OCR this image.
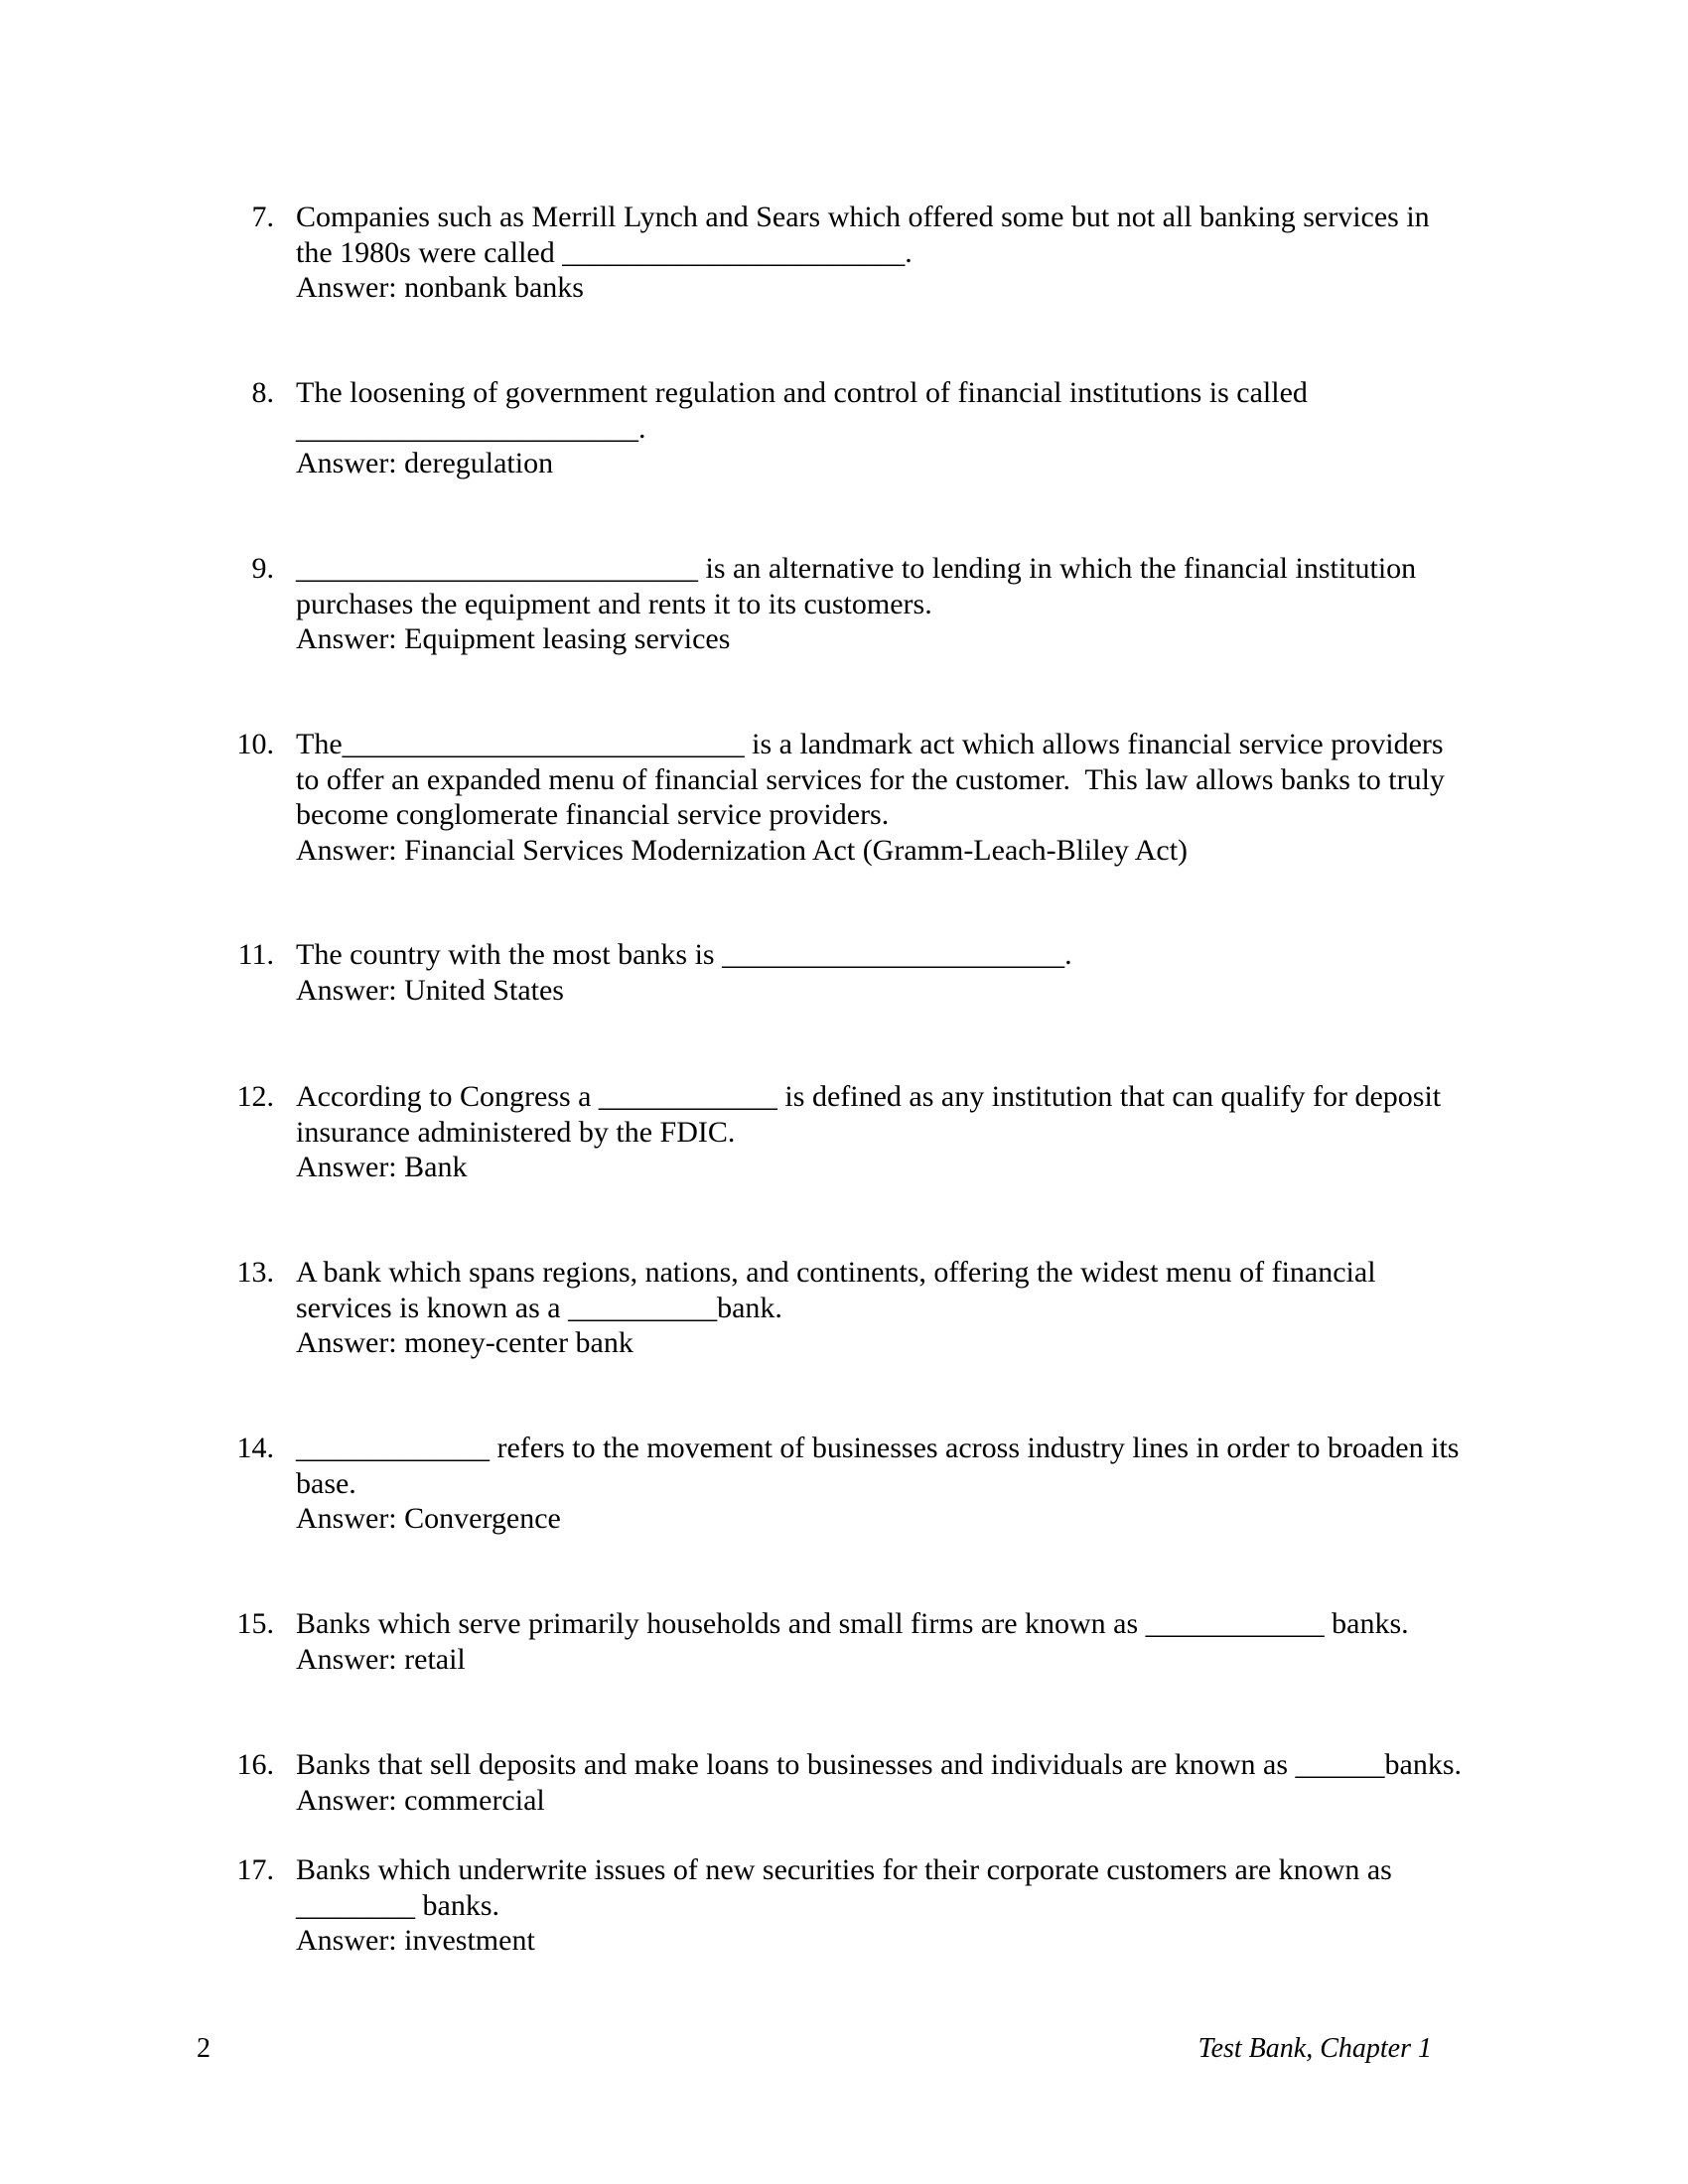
7. Companies such as Merrill Lynch and Sears which offered some but not all banking services in
the 1980s were called _______________________.
Answer: nonbank banks
8. The loosening of government regulation and control of financial institutions is called
_______________________.
Answer: deregulation
9. ___________________________ is an alternative to lending in which the financial institution
purchases the equipment and rents it to its customers.
Answer: Equipment leasing services
10. The___________________________ is a landmark act which allows financial service providers
to offer an expanded menu of financial services for the customer.  This law allows banks to truly
become conglomerate financial service providers.
Answer: Financial Services Modernization Act (Gramm-Leach-Bliley Act)
11. The country with the most banks is _______________________.
Answer: United States
12. According to Congress a ____________ is defined as any institution that can qualify for deposit
insurance administered by the FDIC.
Answer: Bank
13. A bank which spans regions, nations, and continents, offering the widest menu of financial
services is known as a __________bank.
Answer: money-center bank
14. _____________ refers to the movement of businesses across industry lines in order to broaden its
base.
Answer: Convergence
15. Banks which serve primarily households and small firms are known as ____________ banks.
Answer: retail
16. Banks that sell deposits and make loans to businesses and individuals are known as ______banks.
Answer: commercial
17. Banks which underwrite issues of new securities for their corporate customers are known as
________ banks.
Answer: investment
2	Test Bank, Chapter 1
